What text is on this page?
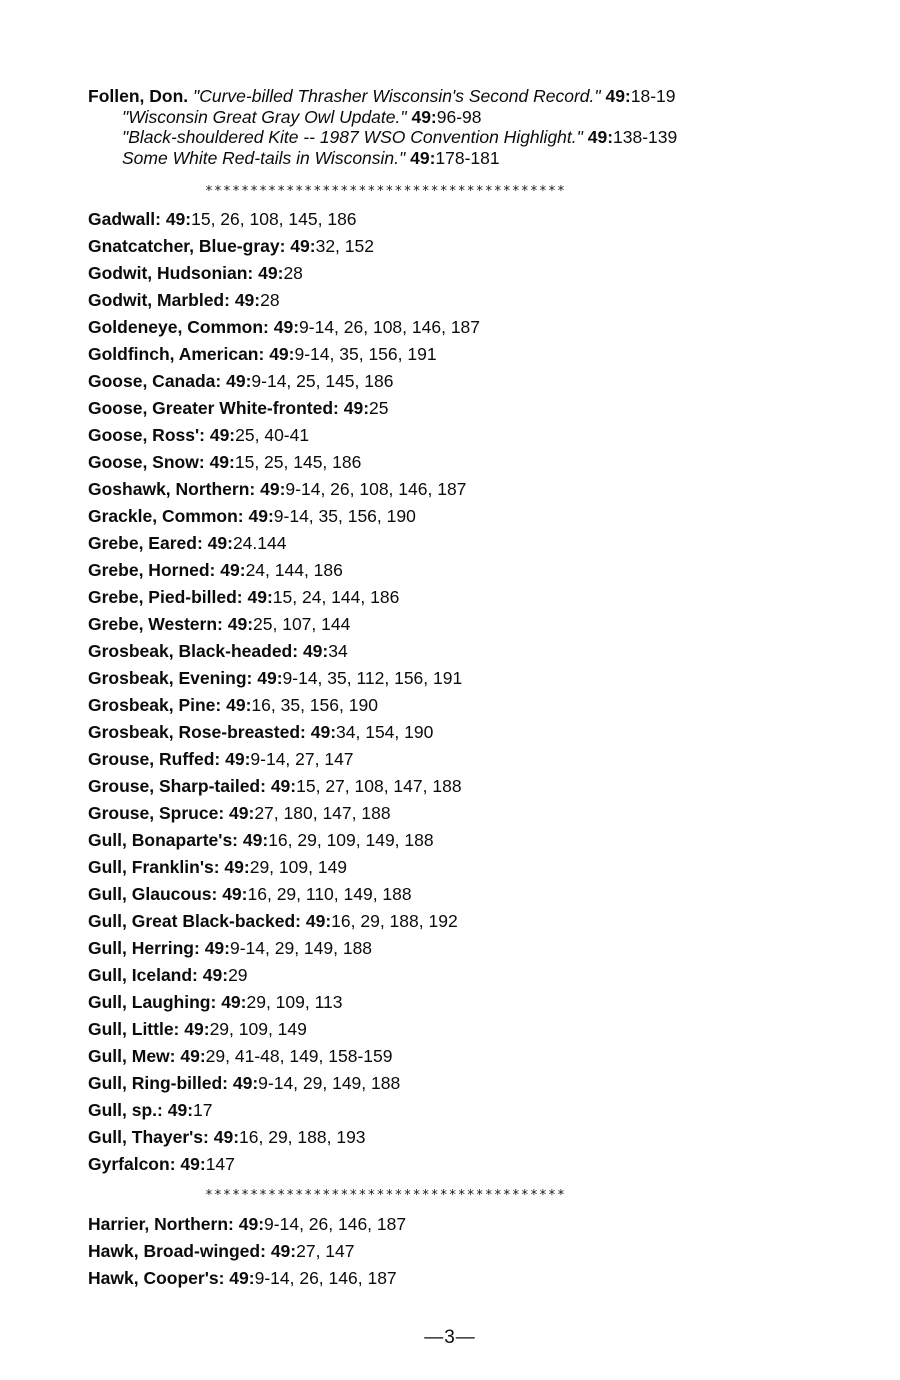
Follen, Don. "Curve-billed Thrasher Wisconsin's Second Record." 49:18-19
"Wisconsin Great Gray Owl Update." 49:96-98
"Black-shouldered Kite -- 1987 WSO Convention Highlight." 49:138-139
Some White Red-tails in Wisconsin." 49:178-181
****************************************
Gadwall: 49:15, 26, 108, 145, 186
Gnatcatcher, Blue-gray: 49:32, 152
Godwit, Hudsonian: 49:28
Godwit, Marbled: 49:28
Goldeneye, Common: 49:9-14, 26, 108, 146, 187
Goldfinch, American: 49:9-14, 35, 156, 191
Goose, Canada: 49:9-14, 25, 145, 186
Goose, Greater White-fronted: 49:25
Goose, Ross': 49:25, 40-41
Goose, Snow: 49:15, 25, 145, 186
Goshawk, Northern: 49:9-14, 26, 108, 146, 187
Grackle, Common: 49:9-14, 35, 156, 190
Grebe, Eared: 49:24.144
Grebe, Horned: 49:24, 144, 186
Grebe, Pied-billed: 49:15, 24, 144, 186
Grebe, Western: 49:25, 107, 144
Grosbeak, Black-headed: 49:34
Grosbeak, Evening: 49:9-14, 35, 112, 156, 191
Grosbeak, Pine: 49:16, 35, 156, 190
Grosbeak, Rose-breasted: 49:34, 154, 190
Grouse, Ruffed: 49:9-14, 27, 147
Grouse, Sharp-tailed: 49:15, 27, 108, 147, 188
Grouse, Spruce: 49:27, 180, 147, 188
Gull, Bonaparte's: 49:16, 29, 109, 149, 188
Gull, Franklin's: 49:29, 109, 149
Gull, Glaucous: 49:16, 29, 110, 149, 188
Gull, Great Black-backed: 49:16, 29, 188, 192
Gull, Herring: 49:9-14, 29, 149, 188
Gull, Iceland: 49:29
Gull, Laughing: 49:29, 109, 113
Gull, Little: 49:29, 109, 149
Gull, Mew: 49:29, 41-48, 149, 158-159
Gull, Ring-billed: 49:9-14, 29, 149, 188
Gull, sp.: 49:17
Gull, Thayer's: 49:16, 29, 188, 193
Gyrfalcon: 49:147
****************************************
Harrier, Northern: 49:9-14, 26, 146, 187
Hawk, Broad-winged: 49:27, 147
Hawk, Cooper's: 49:9-14, 26, 146, 187
—3—
